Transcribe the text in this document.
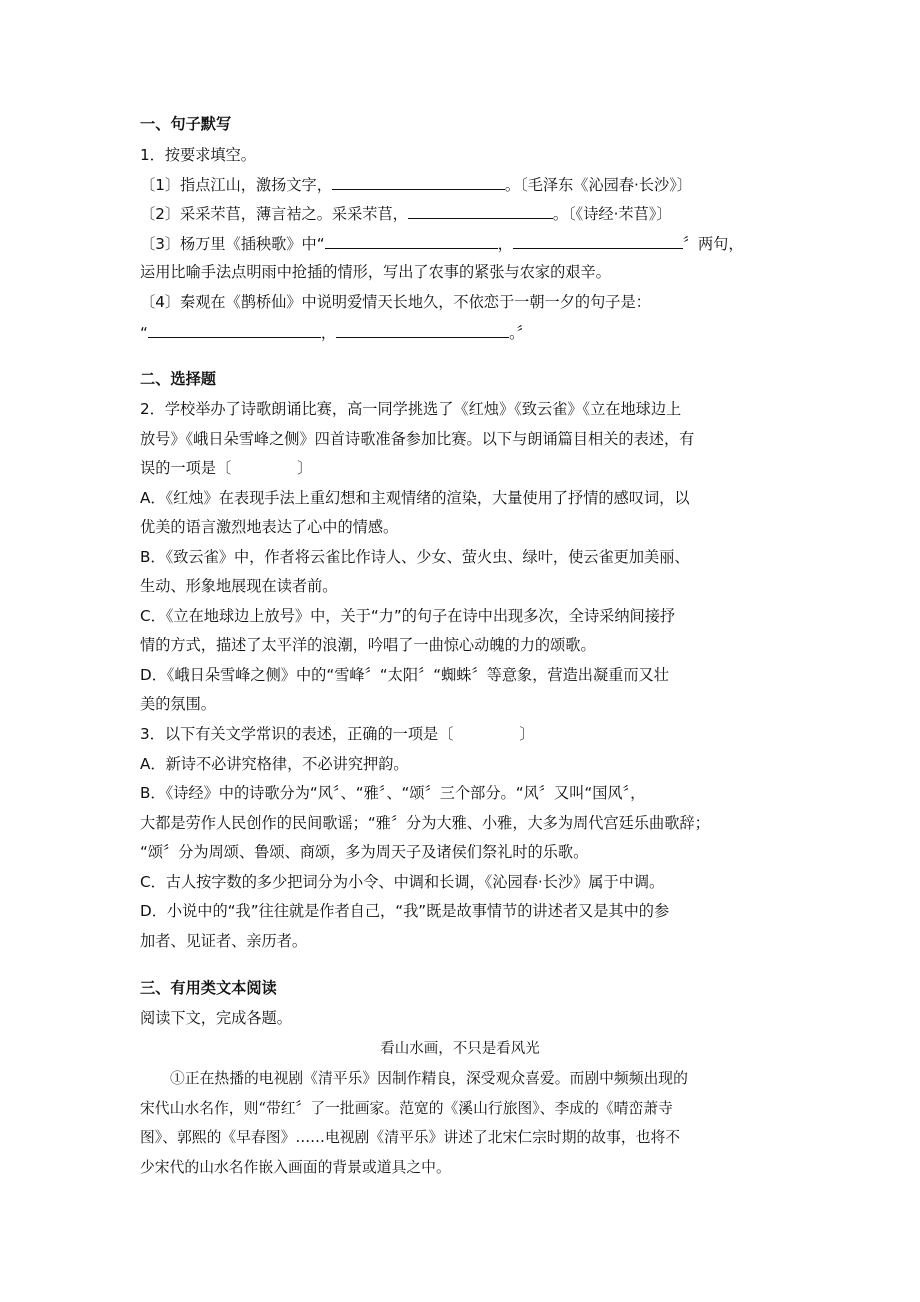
一、句子默写
1．按要求填空。
〔1〕指点江山，激扬文字，	。〔毛泽东《沁园春·长沙》〕
〔2〕采采芣苢，薄言袺之。采采芣苢，	。〔《诗经·芣苢》〕
〔3〕杨万里《插秧歌》中“	，	〞两句，
运用比喻手法点明雨中抢插的情形，写出了农事的紧张与农家的艰辛。
〔4〕秦观在《鹊桥仙》中说明爱情天长地久，不依恋于一朝一夕的句子是：
“	，	。〞
二、选择题
2．学校举办了诗歌朗诵比赛，高一同学挑选了《红烛》《致云雀》《立在地球边上
放号》《峨日朵雪峰之侧》四首诗歌准备参加比赛。以下与朗诵篇目相关的表述，有
误的一项是〔	〕
A．《红烛》在表现手法上重幻想和主观情绪的渲染，大量使用了抒情的感叹词，以
优美的语言激烈地表达了心中的情感。
B．《致云雀》中，作者将云雀比作诗人、少女、萤火虫、绿叶，使云雀更加美丽、
生动、形象地展现在读者前。
C．《立在地球边上放号》中，关于“力”的句子在诗中出现多次，全诗采纳间接抒
情的方式，描述了太平洋的浪潮，吟唱了一曲惊心动魄的力的颂歌。
D．《峨日朵雪峰之侧》中的“雪峰〞“太阳〞“蜘蛛〞等意象，营造出凝重而又壮
美的氛围。
3．以下有关文学常识的表述，正确的一项是〔	〕
A．新诗不必讲究格律，不必讲究押韵。
B．《诗经》中的诗歌分为“风〞、“雅〞、“颂〞三个部分。“风〞又叫“国风〞，
大都是劳作人民创作的民间歌谣；“雅〞分为大雅、小雅，大多为周代宫廷乐曲歌辞；
“颂〞分为周颂、鲁颂、商颂，多为周天子及诸侯们祭礼时的乐歌。
C．古人按字数的多少把词分为小令、中调和长调，《沁园春·长沙》属于中调。
D．小说中的“我”往往就是作者自己，“我”既是故事情节的讲述者又是其中的参
加者、见证者、亲历者。
三、有用类文本阅读
阅读下文，完成各题。
看山水画，不只是看风光
①正在热播的电视剧《清平乐》因制作精良，深受观众喜爱。而剧中频频出现的
宋代山水名作，则“带红〞了一批画家。范宽的《溪山行旅图》、李成的《晴峦萧寺
图》、郭熙的《早春图》……电视剧《清平乐》讲述了北宋仁宗时期的故事，也将不
少宋代的山水名作嵌入画面的背景或道具之中。
